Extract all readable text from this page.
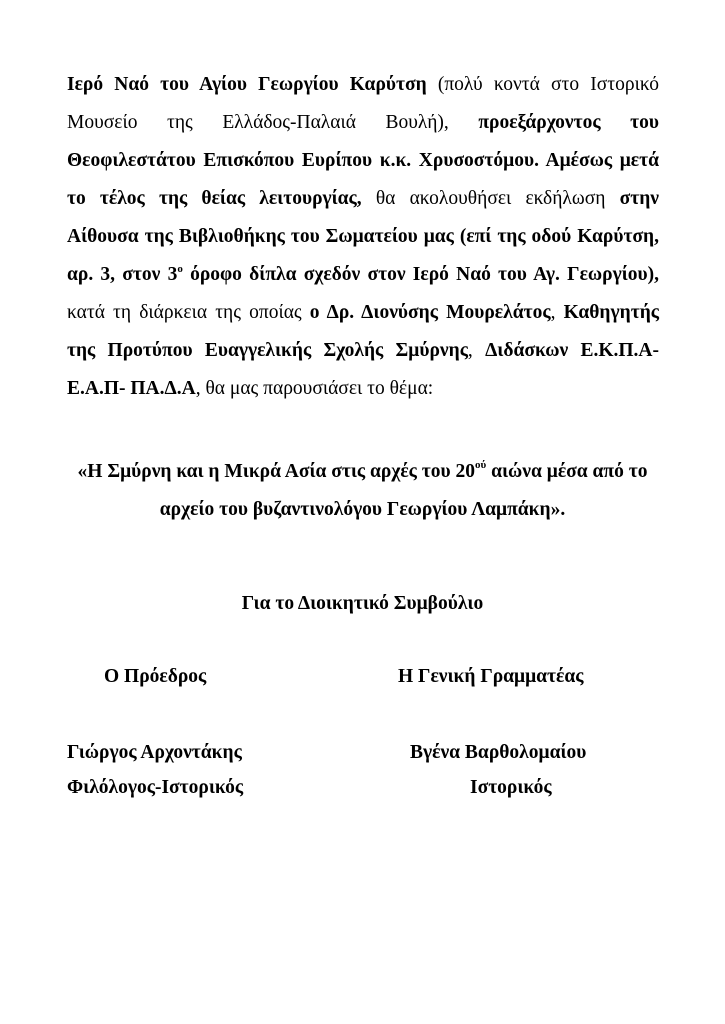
Ιερό Ναό του Αγίου Γεωργίου Καρύτση (πολύ κοντά στο Ιστορικό Μουσείο της Ελλάδος-Παλαιά Βουλή), προεξάρχοντος του Θεοφιλεστάτου Επισκόπου Ευρίπου κ.κ. Χρυσοστόμου. Αμέσως μετά το τέλος της θείας λειτουργίας, θα ακολουθήσει εκδήλωση στην Αίθουσα της Βιβλιοθήκης του Σωματείου μας (επί της οδού Καρύτση, αρ. 3, στον $3^o$ όροφο δίπλα σχεδόν στον Ιερό Ναό του Αγ. Γεωργίου), κατά τη διάρκεια της οποίας ο Δρ. Διονύσης Μουρελάτος, Καθηγητής της Προτύπου Ευαγγελικής Σχολής Σμύρνης, Διδάσκων Ε.Κ.Π.Α- Ε.Α.Π- ΠΑ.Δ.Α, θα μας παρουσιάσει το θέμα:

«Η Σμύρνη και η Μικρά Ασία στις αρχές του $20^{oύ}$ αιώνα μέσα από το αρχείο του βυζαντινολόγου Γεωργίου Λαμπάκη».

Για το Διοικητικό Συμβούλιο

Ο Πρόεδρος	Η Γενική Γραμματέας

Γιώργος Αρχοντάκης	Βγένα Βαρθολομαίου

Φιλόλογος-Ιστορικός	Ιστορικός
